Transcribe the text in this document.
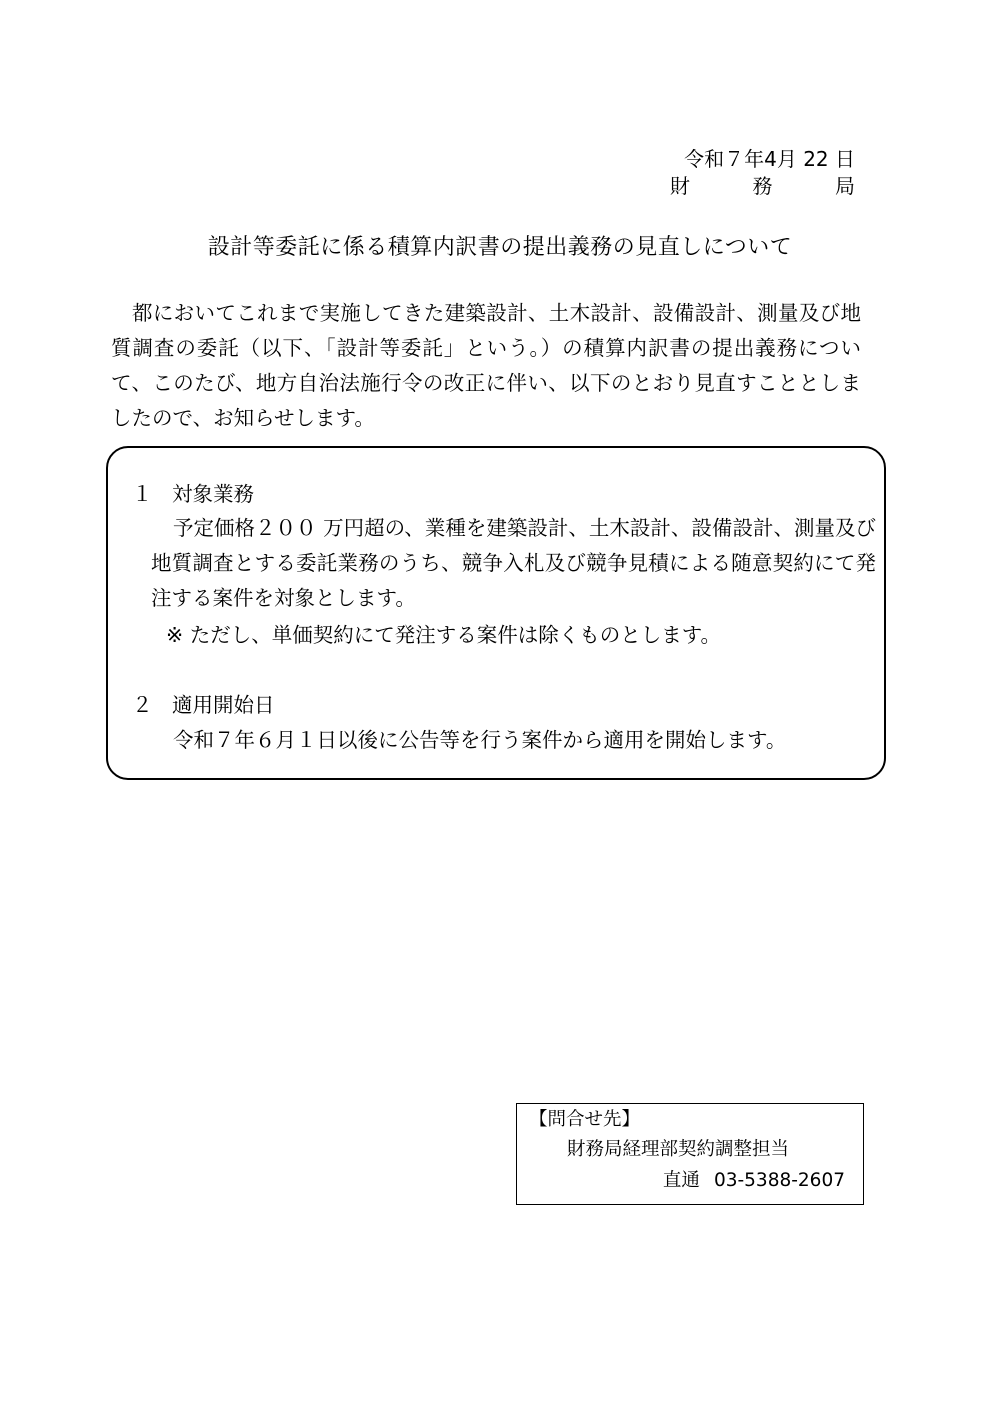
令和７年4月 22 日
財　　務　　局
設計等委託に係る積算内訳書の提出義務の見直しについて

都においてこれまで実施してきた建築設計、土木設計、設備設計、測量及び地質調査の委託（以下、「設計等委託」という。）の積算内訳書の提出義務について、このたび、地方自治法施行令の改正に伴い、以下のとおり見直すこととしましたので、お知らせします。

１ 対象業務

予定価格２００ 万円超の、業種を建築設計、土木設計、設備設計、測量及び地質調査とする委託業務のうち、競争入札及び競争見積による随意契約にて発注する案件を対象とします。

※ ただし、単価契約にて発注する案件は除くものとします。
２ 適用開始日

令和７年６月１日以後に公告等を行う案件から適用を開始します。

【問合せ先】
財務局経理部契約調整担当
直通 03-5388-2607
